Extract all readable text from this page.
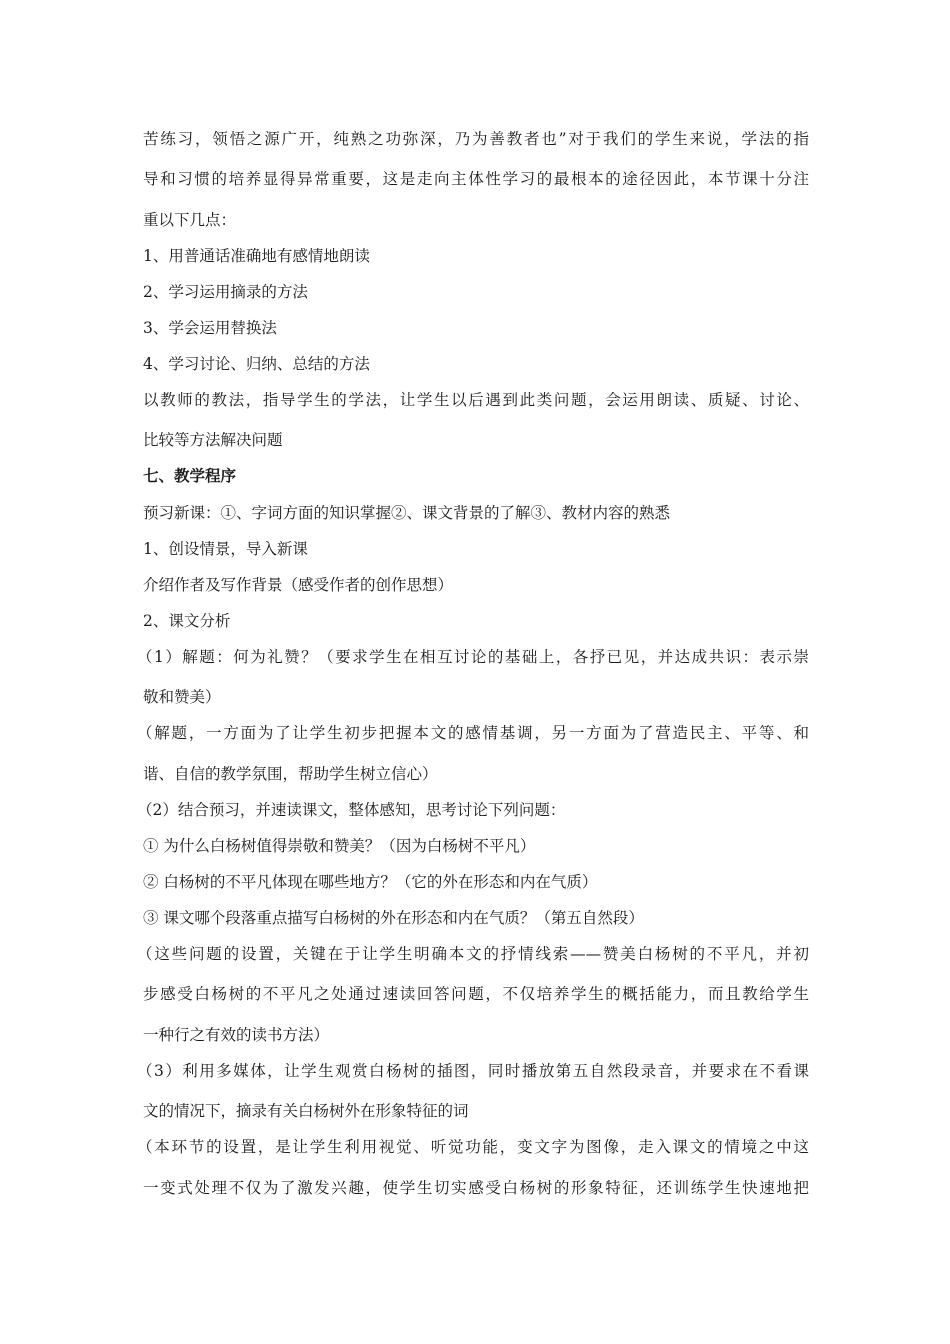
苦练习，领悟之源广开，纯熟之功弥深，乃为善教者也”对于我们的学生来说，学法的指
导和习惯的培养显得异常重要，这是走向主体性学习的最根本的途径因此，本节课十分注
重以下几点：
1、用普通话准确地有感情地朗读
2、学习运用摘录的方法
3、学会运用替换法
4、学习讨论、归纳、总结的方法
以教师的教法，指导学生的学法，让学生以后遇到此类问题，会运用朗读、质疑、讨论、
比较等方法解决问题
七、教学程序
预习新课：①、字词方面的知识掌握②、课文背景的了解③、教材内容的熟悉
1、创设情景，导入新课
介绍作者及写作背景（感受作者的创作思想）
2、课文分析
（1）解题：何为礼赞？（要求学生在相互讨论的基础上，各抒已见，并达成共识：表示崇
敬和赞美）
（解题，一方面为了让学生初步把握本文的感情基调，另一方面为了营造民主、平等、和
谐、自信的教学氛围，帮助学生树立信心）
（2）结合预习，并速读课文，整体感知，思考讨论下列问题：
① 为什么白杨树值得崇敬和赞美？（因为白杨树不平凡）
② 白杨树的不平凡体现在哪些地方？（它的外在形态和内在气质）
③ 课文哪个段落重点描写白杨树的外在形态和内在气质？（第五自然段）
（这些问题的设置，关键在于让学生明确本文的抒情线索——赞美白杨树的不平凡，并初
步感受白杨树的不平凡之处通过速读回答问题，不仅培养学生的概括能力，而且教给学生
一种行之有效的读书方法）
（3）利用多媒体，让学生观赏白杨树的插图，同时播放第五自然段录音，并要求在不看课
文的情况下，摘录有关白杨树外在形象特征的词
（本环节的设置，是让学生利用视觉、听觉功能，变文字为图像，走入课文的情境之中这
一变式处理不仅为了激发兴趣，使学生切实感受白杨树的形象特征，还训练学生快速地把
